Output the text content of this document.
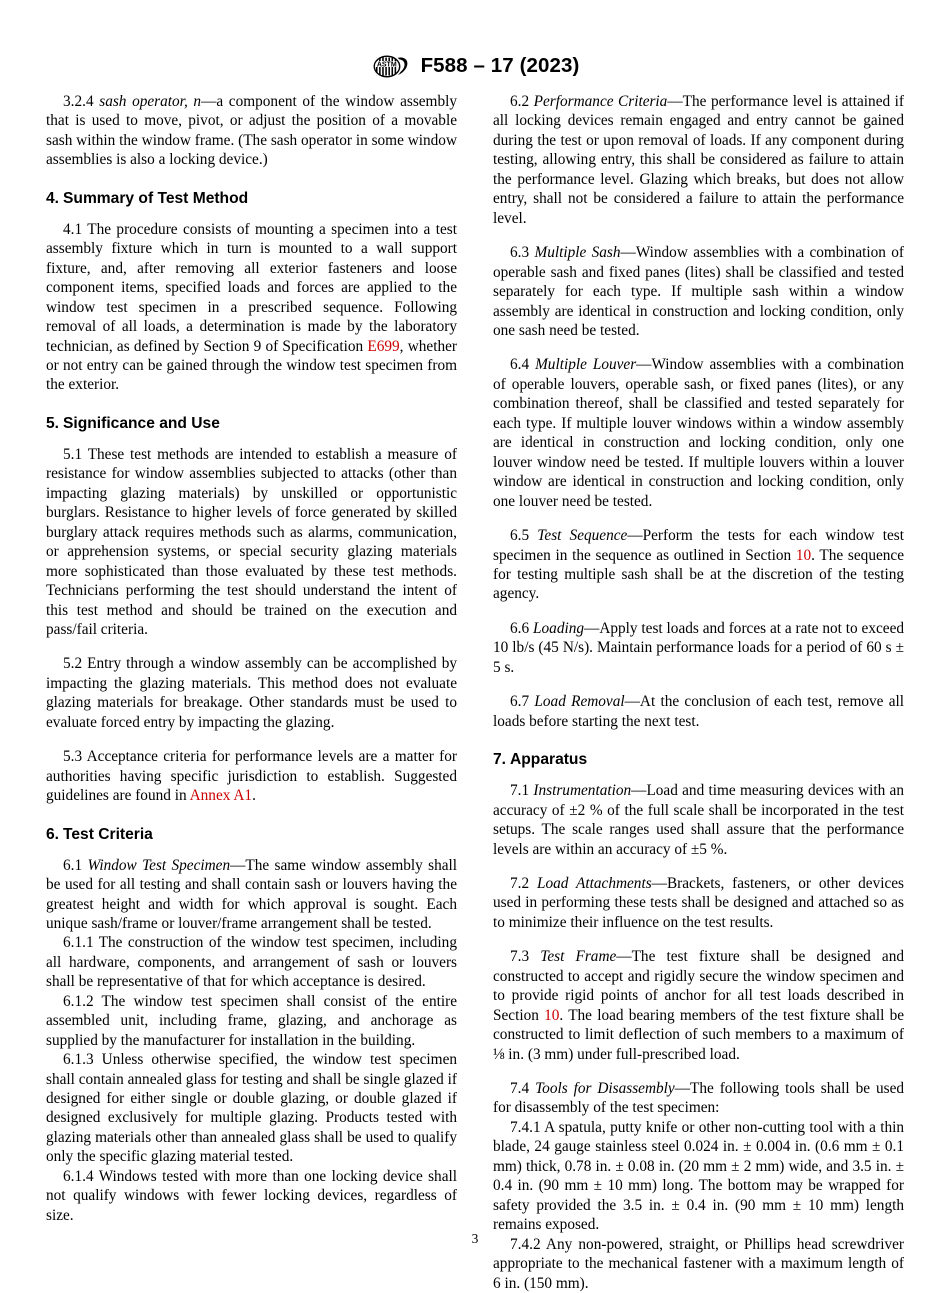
ASTM F588 – 17 (2023)

3.2.4 sash operator, n—a component of the window assembly that is used to move, pivot, or adjust the position of a movable sash within the window frame. (The sash operator in some window assemblies is also a locking device.)

4. Summary of Test Method

4.1 The procedure consists of mounting a specimen into a test assembly fixture which in turn is mounted to a wall support fixture, and, after removing all exterior fasteners and loose component items, specified loads and forces are applied to the window test specimen in a prescribed sequence. Following removal of all loads, a determination is made by the laboratory technician, as defined by Section 9 of Specification E699, whether or not entry can be gained through the window test specimen from the exterior.

5. Significance and Use

5.1 These test methods are intended to establish a measure of resistance for window assemblies subjected to attacks (other than impacting glazing materials) by unskilled or opportunistic burglars. Resistance to higher levels of force generated by skilled burglary attack requires methods such as alarms, communication, or apprehension systems, or special security glazing materials more sophisticated than those evaluated by these test methods. Technicians performing the test should understand the intent of this test method and should be trained on the execution and pass/fail criteria.

5.2 Entry through a window assembly can be accomplished by impacting the glazing materials. This method does not evaluate glazing materials for breakage. Other standards must be used to evaluate forced entry by impacting the glazing.

5.3 Acceptance criteria for performance levels are a matter for authorities having specific jurisdiction to establish. Suggested guidelines are found in Annex A1.

6. Test Criteria

6.1 Window Test Specimen—The same window assembly shall be used for all testing and shall contain sash or louvers having the greatest height and width for which approval is sought. Each unique sash/frame or louver/frame arrangement shall be tested.

6.1.1 The construction of the window test specimen, including all hardware, components, and arrangement of sash or louvers shall be representative of that for which acceptance is desired.

6.1.2 The window test specimen shall consist of the entire assembled unit, including frame, glazing, and anchorage as supplied by the manufacturer for installation in the building.

6.1.3 Unless otherwise specified, the window test specimen shall contain annealed glass for testing and shall be single glazed if designed for either single or double glazing, or double glazed if designed exclusively for multiple glazing. Products tested with glazing materials other than annealed glass shall be used to qualify only the specific glazing material tested.

6.1.4 Windows tested with more than one locking device shall not qualify windows with fewer locking devices, regardless of size.

6.2 Performance Criteria—The performance level is attained if all locking devices remain engaged and entry cannot be gained during the test or upon removal of loads. If any component during testing, allowing entry, this shall be considered as failure to attain the performance level. Glazing which breaks, but does not allow entry, shall not be considered a failure to attain the performance level.

6.3 Multiple Sash—Window assemblies with a combination of operable sash and fixed panes (lites) shall be classified and tested separately for each type. If multiple sash within a window assembly are identical in construction and locking condition, only one sash need be tested.

6.4 Multiple Louver—Window assemblies with a combination of operable louvers, operable sash, or fixed panes (lites), or any combination thereof, shall be classified and tested separately for each type. If multiple louver windows within a window assembly are identical in construction and locking condition, only one louver window need be tested. If multiple louvers within a louver window are identical in construction and locking condition, only one louver need be tested.

6.5 Test Sequence—Perform the tests for each window test specimen in the sequence as outlined in Section 10. The sequence for testing multiple sash shall be at the discretion of the testing agency.

6.6 Loading—Apply test loads and forces at a rate not to exceed 10 lb/s (45 N/s). Maintain performance loads for a period of 60 s ± 5 s.

6.7 Load Removal—At the conclusion of each test, remove all loads before starting the next test.

7. Apparatus

7.1 Instrumentation—Load and time measuring devices with an accuracy of ±2 % of the full scale shall be incorporated in the test setups. The scale ranges used shall assure that the performance levels are within an accuracy of ±5 %.

7.2 Load Attachments—Brackets, fasteners, or other devices used in performing these tests shall be designed and attached so as to minimize their influence on the test results.

7.3 Test Frame—The test fixture shall be designed and constructed to accept and rigidly secure the window specimen and to provide rigid points of anchor for all test loads described in Section 10. The load bearing members of the test fixture shall be constructed to limit deflection of such members to a maximum of ⅛ in. (3 mm) under full-prescribed load.

7.4 Tools for Disassembly—The following tools shall be used for disassembly of the test specimen:

7.4.1 A spatula, putty knife or other non-cutting tool with a thin blade, 24 gauge stainless steel 0.024 in. ± 0.004 in. (0.6 mm ± 0.1 mm) thick, 0.78 in. ± 0.08 in. (20 mm ± 2 mm) wide, and 3.5 in. ± 0.4 in. (90 mm ± 10 mm) long. The bottom may be wrapped for safety provided the 3.5 in. ± 0.4 in. (90 mm ± 10 mm) length remains exposed.

7.4.2 Any non-powered, straight, or Phillips head screwdriver appropriate to the mechanical fastener with a maximum length of 6 in. (150 mm).

3
